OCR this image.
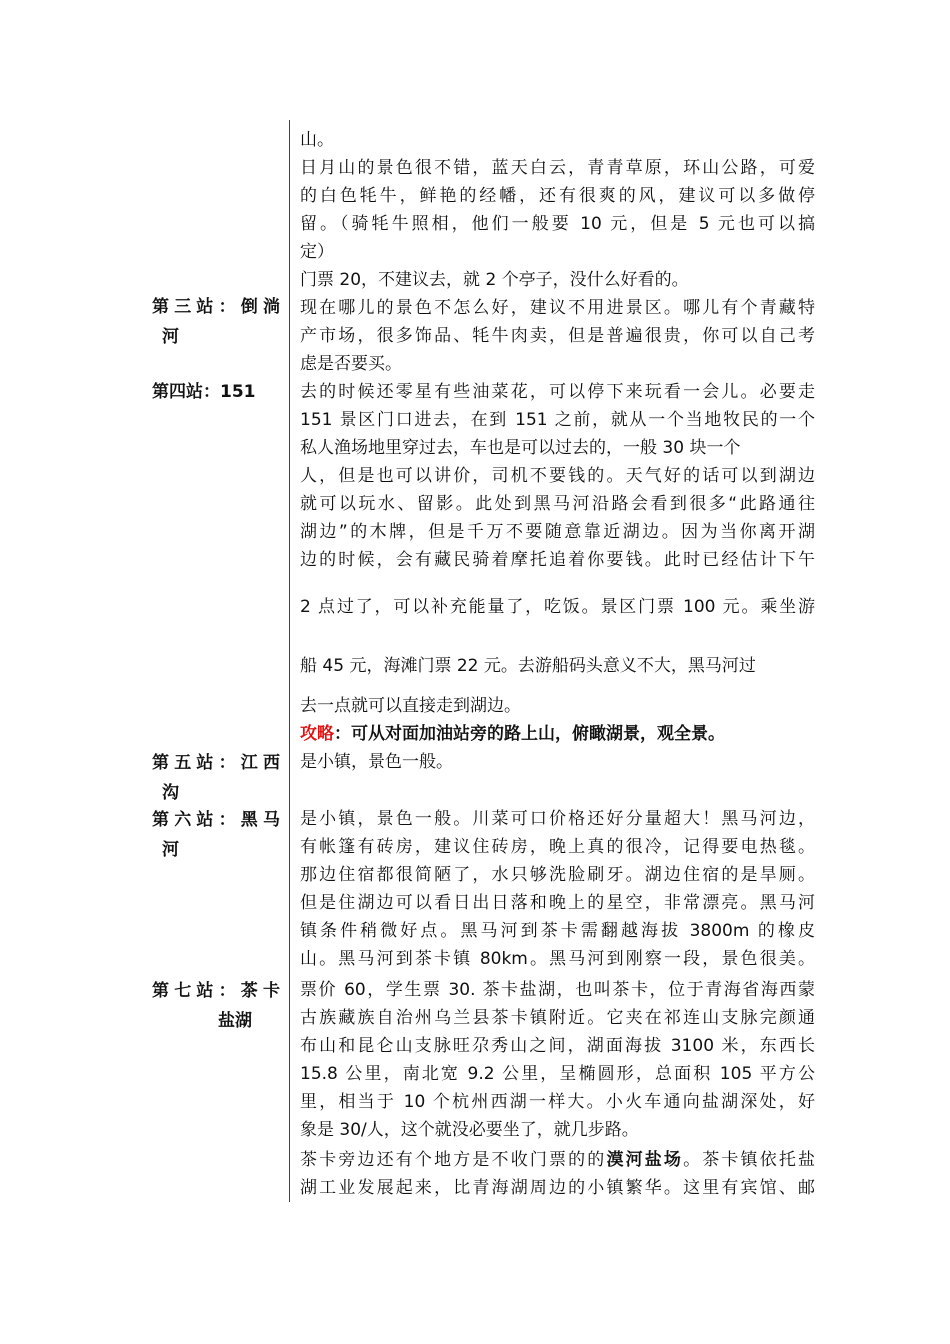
第三站：倒淌
河
第四站：151
第五站：江西
沟
第六站：黑马
河
第七站：茶卡
盐湖
山。
日月山的景色很不错，蓝天白云，青青草原，环山公路，可爱
的白色牦牛，鲜艳的经幡，还有很爽的风，建议可以多做停
留。（骑牦牛照相，他们一般要 10 元，但是 5 元也可以搞
定）
门票 20，不建议去，就 2 个亭子，没什么好看的。
现在哪儿的景色不怎么好，建议不用进景区。哪儿有个青藏特
产市场，很多饰品、牦牛肉卖，但是普遍很贵，你可以自己考
虑是否要买。
去的时候还零星有些油菜花，可以停下来玩看一会儿。必要走
151 景区门口进去，在到 151 之前，就从一个当地牧民的一个
私人渔场地里穿过去，车也是可以过去的，一般 30 块一个
人，但是也可以讲价，司机不要钱的。天气好的话可以到湖边
就可以玩水、留影。此处到黑马河沿路会看到很多“此路通往
湖边”的木牌，但是千万不要随意靠近湖边。因为当你离开湖
边的时候，会有藏民骑着摩托追着你要钱。此时已经估计下午
2 点过了，可以补充能量了，吃饭。景区门票 100 元。乘坐游
船 45 元，海滩门票 22 元。去游船码头意义不大，黑马河过
去一点就可以直接走到湖边。
攻略：可从对面加油站旁的路上山，俯瞰湖景，观全景。
是小镇，景色一般。
是小镇，景色一般。川菜可口价格还好分量超大！黑马河边，
有帐篷有砖房，建议住砖房，晚上真的很冷，记得要电热毯。
那边住宿都很简陋了，水只够洗脸刷牙。湖边住宿的是旱厕。
但是住湖边可以看日出日落和晚上的星空，非常漂亮。黑马河
镇条件稍微好点。黑马河到茶卡需翻越海拔 3800m 的橡皮
山。黑马河到茶卡镇 80km。黑马河到刚察一段，景色很美。
票价 60，学生票 30. 茶卡盐湖，也叫茶卡，位于青海省海西蒙
古族藏族自治州乌兰县茶卡镇附近。它夹在祁连山支脉完颜通
布山和昆仑山支脉旺尕秀山之间，湖面海拔 3100 米，东西长
15.8 公里，南北宽 9.2 公里，呈椭圆形，总面积 105 平方公
里，相当于 10 个杭州西湖一样大。小火车通向盐湖深处，好
象是 30/人，这个就没必要坐了，就几步路。
茶卡旁边还有个地方是不收门票的的漠河盐场。茶卡镇依托盐
湖工业发展起来，比青海湖周边的小镇繁华。这里有宾馆、邮
